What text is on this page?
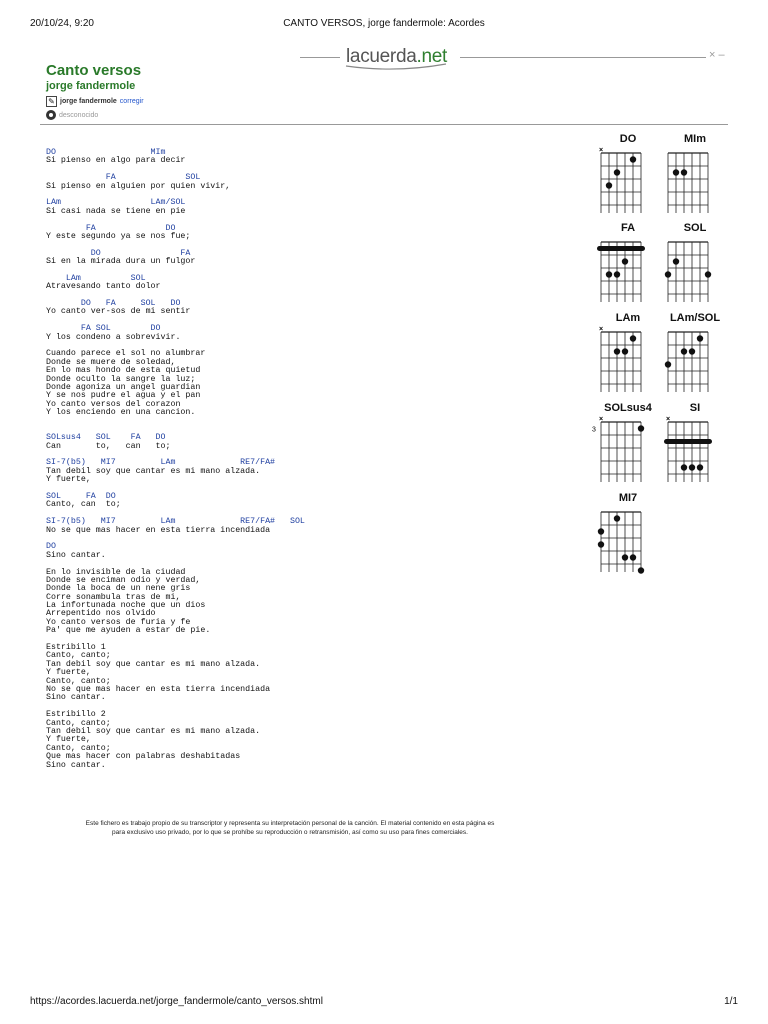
20/10/24, 9:20	CANTO VERSOS, jorge fandermole: Acordes
lacuerda.net	× –
Canto versos
jorge fandermole
✎ jorge fandermole corregir
desconocido
DO                   MIm
Si pienso en algo para decir
FA              SOL
Si pienso en alguien por quien vivir,
LAm                  LAm/SOL
Si casi nada se tiene en pie
FA              DO
Y este segundo ya se nos fue;
DO                FA
Si en la mirada dura un fulgor
LAm          SOL
Atravesando tanto dolor
DO   FA     SOL   DO
Yo canto ver-sos de mi sentir
FA SOL        DO
Y los condeno a sobrevivir.
Cuando parece el sol no alumbrar
Donde se muere de soledad,
En lo mas hondo de esta quietud
Donde oculto la sangre la luz;
Donde agoniza un angel guardian
Y se nos pudre el agua y el pan
Yo canto versos del corazon
Y los enciendo en una cancion.
SOLsus4   SOL    FA   DO
Can       to,   can   to;
SI-7(b5)   MI7         LAm             RE7/FA#
Tan debil soy que cantar es mi mano alzada.
Y fuerte,
SOL     FA  DO
Canto, can  to;
SI-7(b5)   MI7         LAm             RE7/FA#   SOL
No se que mas hacer en esta tierra incendiada
DO
Sino cantar.
En lo invisible de la ciudad
Donde se enciman odio y verdad,
Donde la boca de un nene gris
Corre sonambula tras de mi,
La infortunada noche que un dios
Arrepentido nos olvido
Yo canto versos de furia y fe
Pa' que me ayuden a estar de pie.
Estribillo 1
Canto, canto;
Tan debil soy que cantar es mi mano alzada.
Y fuerte,
Canto, canto;
No se que mas hacer en esta tierra incendiada
Sino cantar.
Estribillo 2
Canto, canto;
Tan debil soy que cantar es mi mano alzada.
Y fuerte,
Canto, canto;
Que mas hacer con palabras deshabitadas
Sino cantar.
DO
×
MIm
FA	SOL
LAm
×
LAm/SOL
SOLsus4
×
3
SI
×
MI7
Este fichero es trabajo propio de su transcriptor y representa su interpretación personal de la canción. El material contenido en esta página es
para exclusivo uso privado, por lo que se prohíbe su reproducción o retransmisión, así como su uso para fines comerciales.
https://acordes.lacuerda.net/jorge_fandermole/canto_versos.shtml	1/1
